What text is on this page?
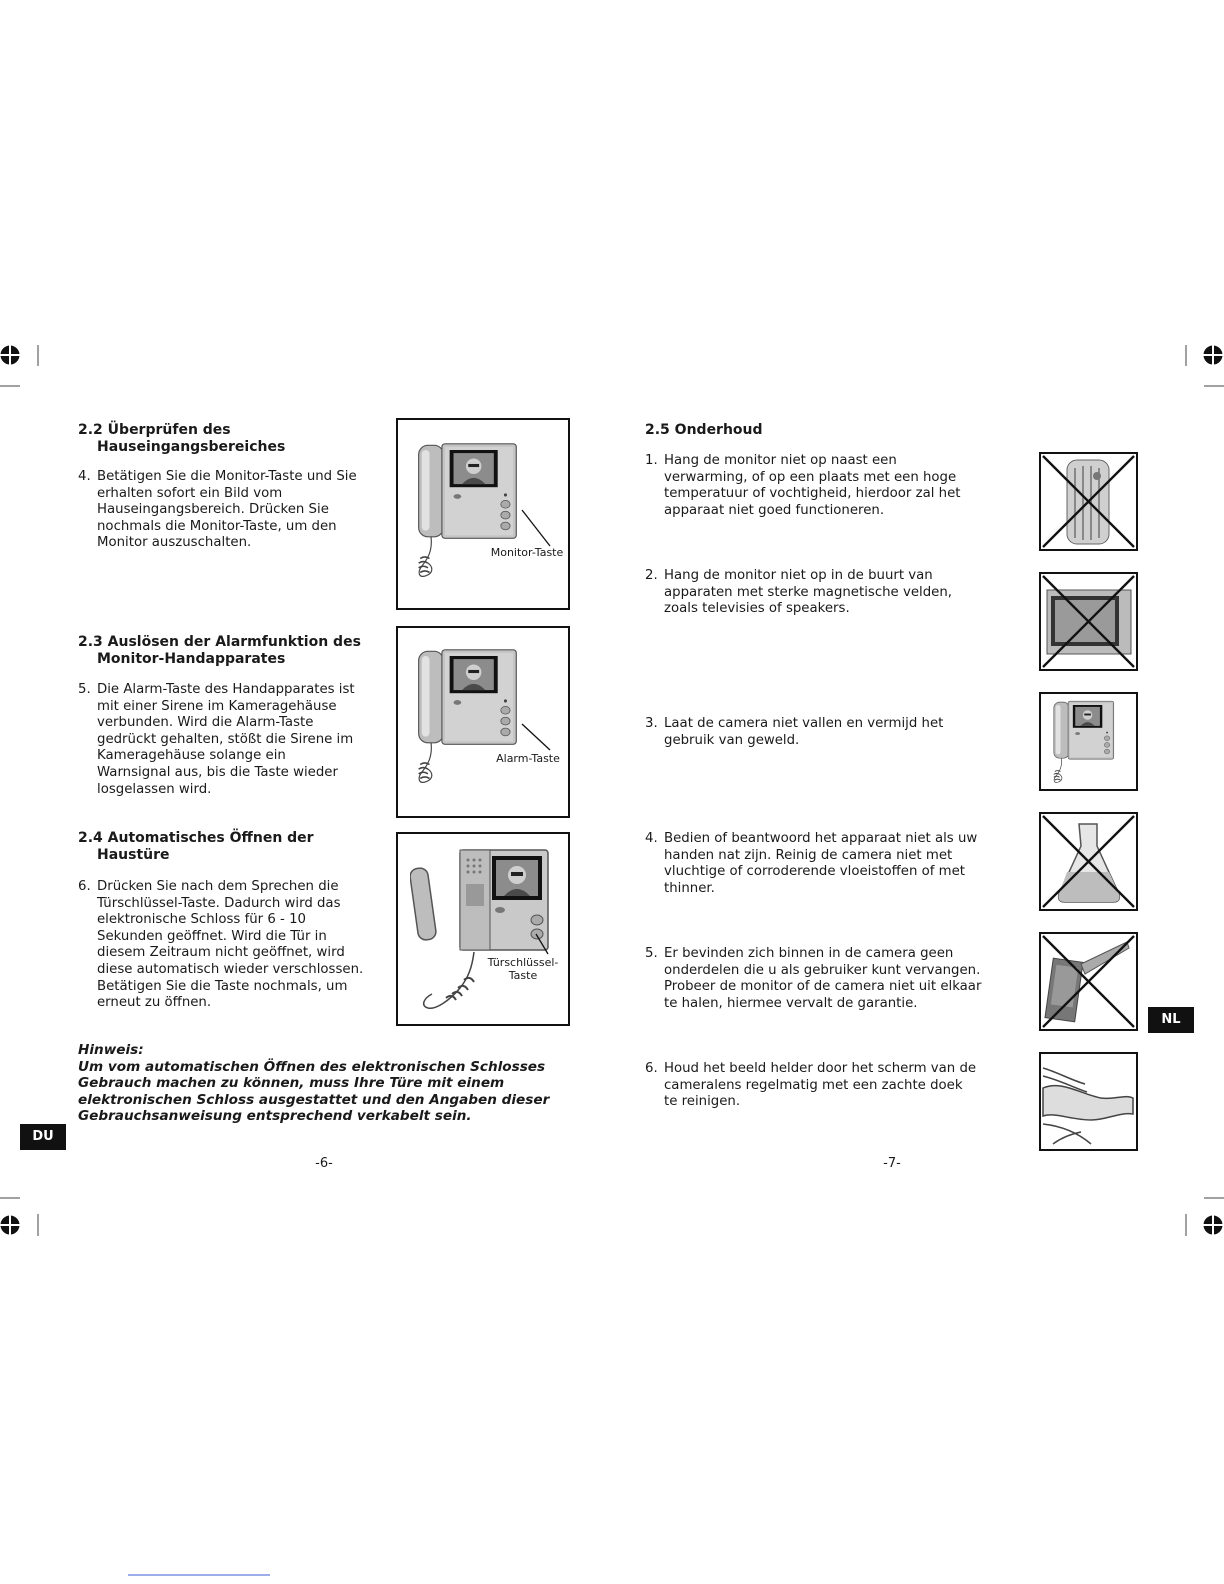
2.2 Überprüfen des
Hauseingangsbereiches
4. Betätigen Sie die Monitor-Taste und Sie
erhalten sofort ein Bild vom
Hauseingangsbereich. Drücken Sie
nochmals die Monitor-Taste, um den
Monitor auszuschalten.
Monitor-Taste
2.3 Auslösen der Alarmfunktion des
Monitor-Handapparates
5. Die Alarm-Taste des Handapparates ist
mit einer Sirene im Kameragehäuse
verbunden. Wird die Alarm-Taste
gedrückt gehalten, stößt die Sirene im
Kameragehäuse solange ein
Warnsignal aus, bis die Taste wieder
losgelassen wird.
Alarm-Taste
2.4 Automatisches Öffnen der
Haustüre
6. Drücken Sie nach dem Sprechen die
Türschlüssel-Taste. Dadurch wird das
elektronische Schloss für 6 - 10
Sekunden geöffnet. Wird die Tür in
diesem Zeitraum nicht geöffnet, wird
diese automatisch wieder verschlossen.
Betätigen Sie die Taste nochmals, um
erneut zu öffnen.
Türschlüssel-
Taste
Hinweis:
Um vom automatischen Öffnen des elektronischen Schlosses
Gebrauch machen zu können, muss Ihre Türe mit einem
elektronischen Schloss ausgestattet und den Angaben dieser
Gebrauchsanweisung entsprechend verkabelt sein.
DU
-6-
2.5 Onderhoud
1. Hang de monitor niet op naast een
verwarming, of op een plaats met een hoge
temperatuur of vochtigheid, hierdoor zal het
apparaat niet goed functioneren.
2. Hang de monitor niet op in de buurt van
apparaten met sterke magnetische velden,
zoals televisies of speakers.
3. Laat de camera niet vallen en vermijd het
gebruik van geweld.
4. Bedien of beantwoord het apparaat niet als uw
handen nat zijn. Reinig de camera niet met
vluchtige of corroderende vloeistoffen of met
thinner.
5. Er bevinden zich binnen in de camera geen
onderdelen die u als gebruiker kunt vervangen.
Probeer de monitor of de camera niet uit elkaar
te halen, hiermee vervalt de garantie.
6. Houd het beeld helder door het scherm van de
cameralens regelmatig met een zachte doek
te reinigen.
NL
-7-
